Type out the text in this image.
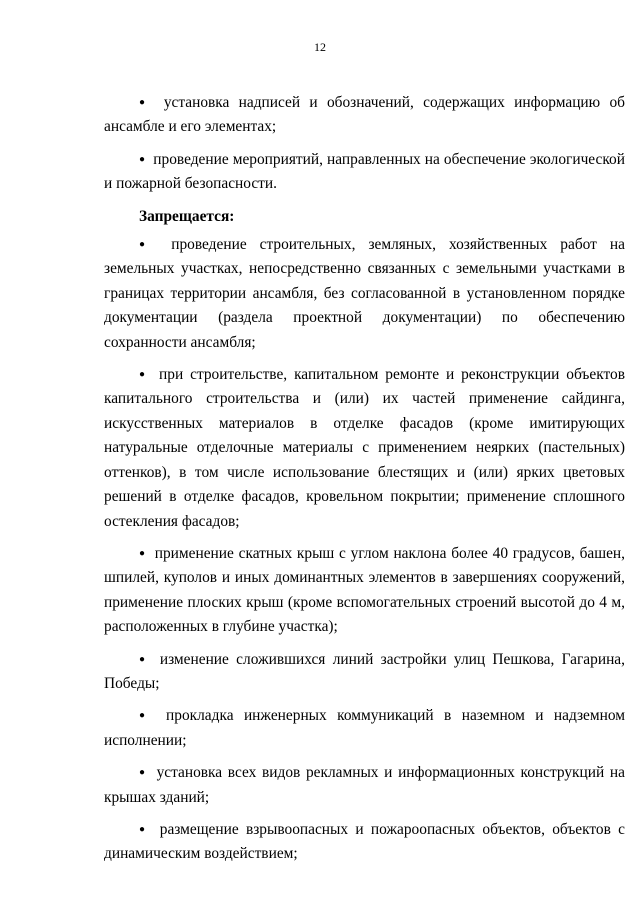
12

● установка надписей и обозначений, содержащих информацию об ансамбле и его элементах;

● проведение мероприятий, направленных на обеспечение экологической и пожарной безопасности.

Запрещается:

● проведение строительных, земляных, хозяйственных работ на земельных участках, непосредственно связанных с земельными участками в границах территории ансамбля, без согласованной в установленном порядке документации (раздела проектной документации) по обеспечению сохранности ансамбля;

● при строительстве, капитальном ремонте и реконструкции объектов капитального строительства и (или) их частей применение сайдинга, искусственных материалов в отделке фасадов (кроме имитирующих натуральные отделочные материалы с применением неярких (пастельных) оттенков), в том числе использование блестящих и (или) ярких цветовых решений в отделке фасадов, кровельном покрытии; применение сплошного остекления фасадов;

● применение скатных крыш с углом наклона более 40 градусов, башен, шпилей, куполов и иных доминантных элементов в завершениях сооружений, применение плоских крыш (кроме вспомогательных строений высотой до 4 м, расположенных в глубине участка);

● изменение сложившихся линий застройки улиц Пешкова, Гагарина, Победы;

● прокладка инженерных коммуникаций в наземном и надземном исполнении;

● установка всех видов рекламных и информационных конструкций на крышах зданий;

● размещение взрывоопасных и пожароопасных объектов, объектов с динамическим воздействием;
